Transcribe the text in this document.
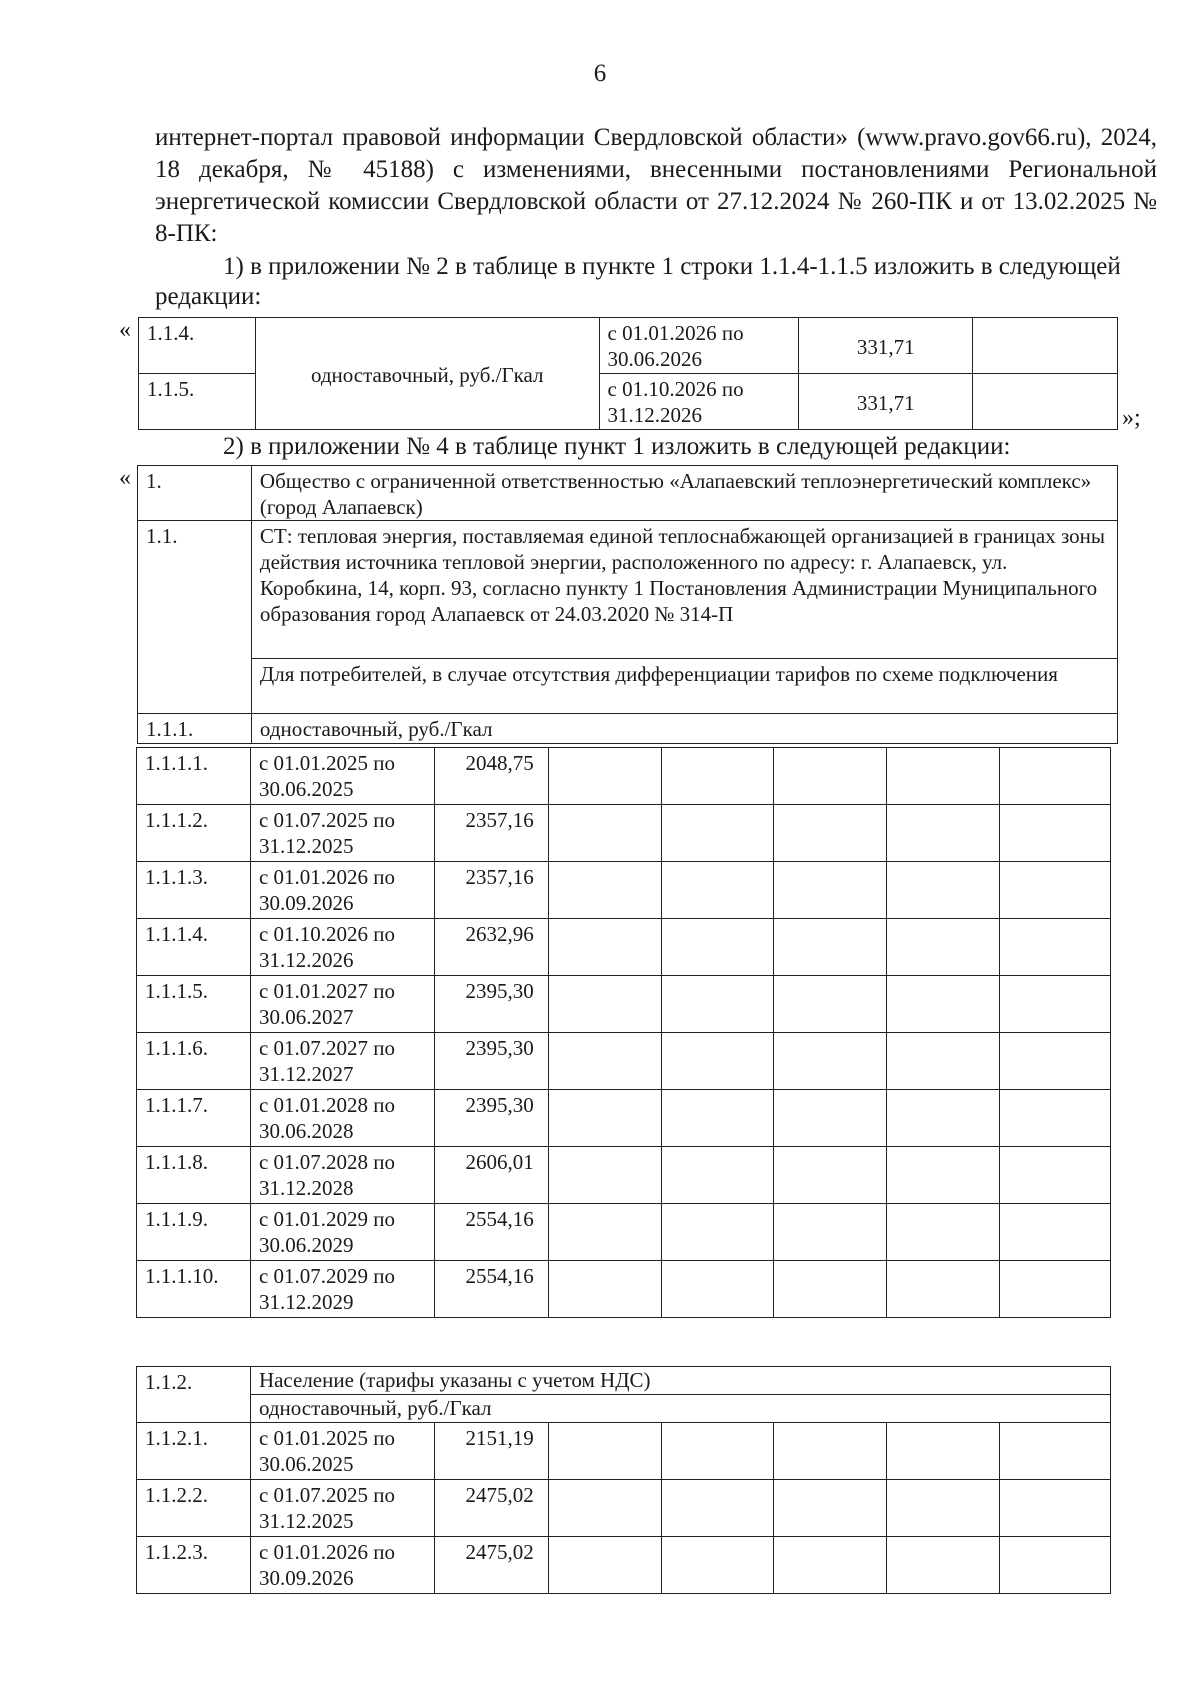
6

интернет-портал правовой информации Свердловской области» (www.pravo.gov66.ru), 2024, 18 декабря, № 45188) с изменениями, внесенными постановлениями Региональной энергетической комиссии Свердловской области от 27.12.2024 № 260-ПК и от 13.02.2025 № 8-ПК:

1) в приложении № 2 в таблице в пункте 1 строки 1.1.4-1.1.5 изложить в следующей редакции:

«
»;
1.1.4.	одноставочный, руб./Гкал	с 01.01.2026 по 30.06.2026	331,71	
1.1.5.		с 01.10.2026 по 31.12.2026	331,71	

2) в приложении № 4 в таблице пункт 1 изложить в следующей редакции:

« 1.	Общество с ограниченной ответственностью «Алапаевский теплоэнергетический комплекс» (город Алапаевск)
1.1.	СТ: тепловая энергия, поставляемая единой теплоснабжающей организацией в границах зоны действия источника тепловой энергии, расположенного по адресу: г. Алапаевск, ул. Коробкина, 14, корп. 93, согласно пункту 1 Постановления Администрации Муниципального образования город Алапаевск от 24.03.2020 № 314-П
	Для потребителей, в случае отсутствия дифференциации тарифов по схеме подключения
1.1.1.	одноставочный, руб./Гкал
1.1.1.1.	с 01.01.2025 по 30.06.2025	2048,75					
1.1.1.2.	с 01.07.2025 по 31.12.2025	2357,16					
1.1.1.3.	с 01.01.2026 по 30.09.2026	2357,16					
1.1.1.4.	с 01.10.2026 по 31.12.2026	2632,96					
1.1.1.5.	с 01.01.2027 по 30.06.2027	2395,30					
1.1.1.6.	с 01.07.2027 по 31.12.2027	2395,30					
1.1.1.7.	с 01.01.2028 по 30.06.2028	2395,30					
1.1.1.8.	с 01.07.2028 по 31.12.2028	2606,01					
1.1.1.9.	с 01.01.2029 по 30.06.2029	2554,16					
1.1.1.10.	с 01.07.2029 по 31.12.2029	2554,16					
1.1.2.	Население (тарифы указаны с учетом НДС)						
	одноставочный, руб./Гкал						
1.1.2.1.	с 01.01.2025 по 30.06.2025	2151,19					
1.1.2.2.	с 01.07.2025 по 31.12.2025	2475,02					
1.1.2.3.	с 01.01.2026 по 30.09.2026	2475,02					
